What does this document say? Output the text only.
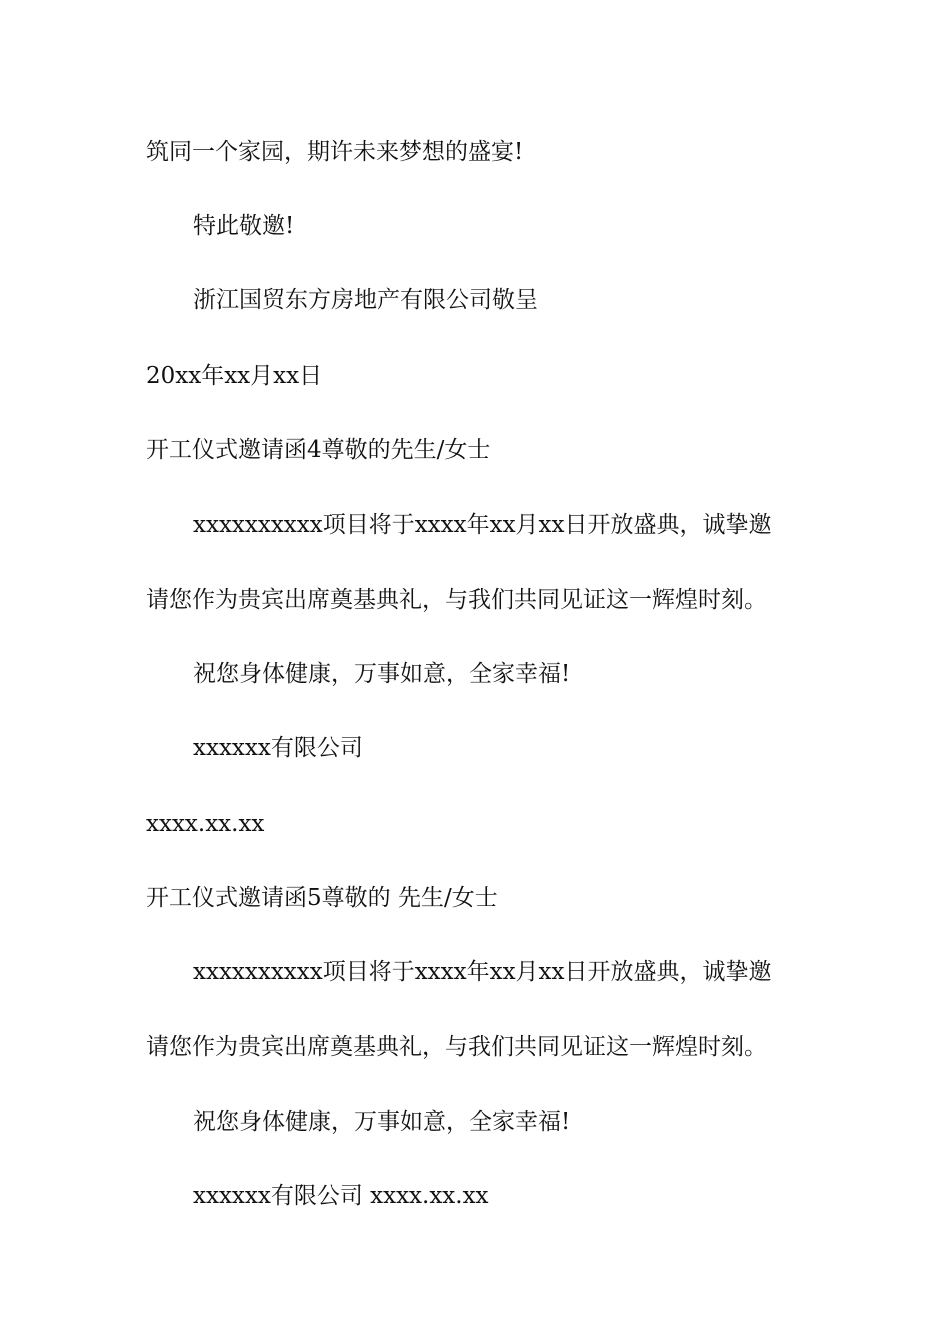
筑同一个家园，期许未来梦想的盛宴!
特此敬邀!
浙江国贸东方房地产有限公司敬呈
20xx年xx月xx日
开工仪式邀请函4尊敬的先生/女士
xxxxxxxxxx项目将于xxxx年xx月xx日开放盛典，诚挚邀
请您作为贵宾出席奠基典礼，与我们共同见证这一辉煌时刻。
祝您身体健康，万事如意，全家幸福!
xxxxxx有限公司
xxxx.xx.xx
开工仪式邀请函5尊敬的 先生/女士
xxxxxxxxxx项目将于xxxx年xx月xx日开放盛典，诚挚邀
请您作为贵宾出席奠基典礼，与我们共同见证这一辉煌时刻。
祝您身体健康，万事如意，全家幸福!
xxxxxx有限公司 xxxx.xx.xx
